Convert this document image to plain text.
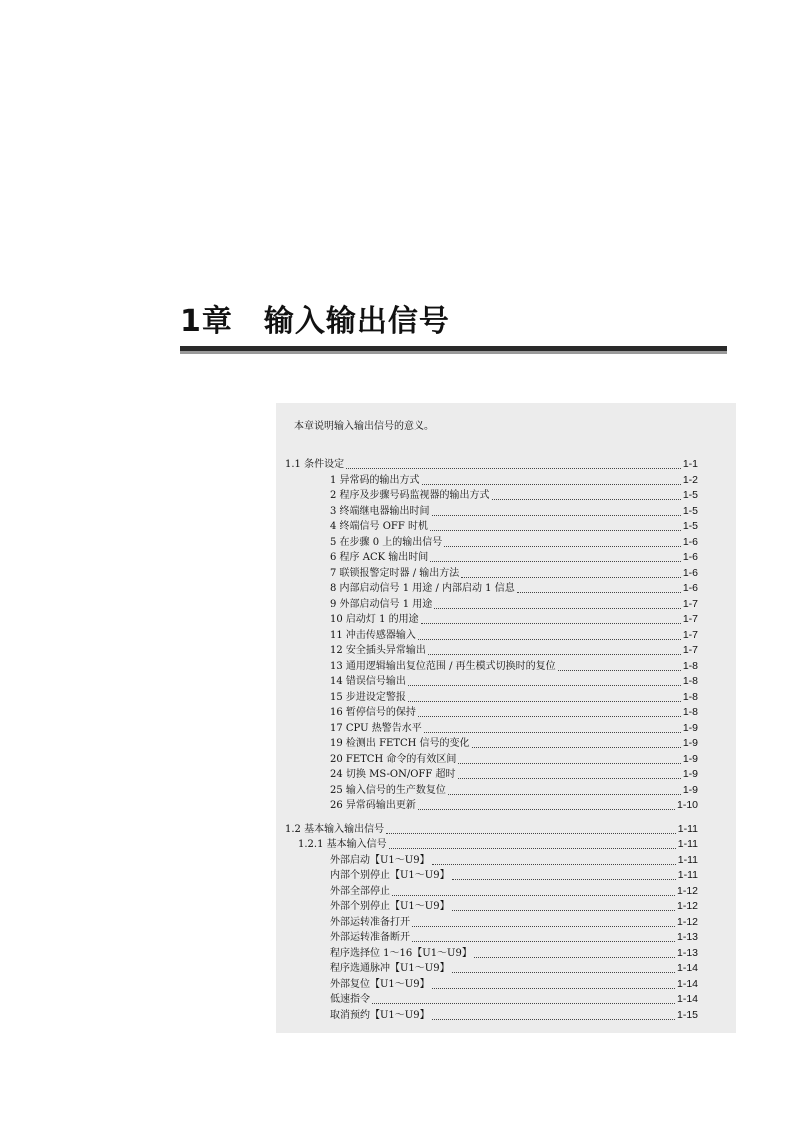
1章　输入输出信号
本章说明输入输出信号的意义。
1.1 条件设定	1-1
1 异常码的输出方式	1-2
2 程序及步骤号码监视器的输出方式	1-5
3 终端继电器输出时间	1-5
4 终端信号 OFF 时机	1-5
5 在步骤 0 上的输出信号	1-6
6 程序 ACK 输出时间	1-6
7 联锁报警定时器 / 输出方法	1-6
8 内部启动信号 1 用途 / 内部启动 1 信息	1-6
9 外部启动信号 1 用途	1-7
10 启动灯 1 的用途	1-7
11 冲击传感器输入	1-7
12 安全插头异常输出	1-7
13 通用逻辑输出复位范围 / 再生模式切换时的复位	1-8
14 错误信号输出	1-8
15 步进设定警报	1-8
16 暂停信号的保持	1-8
17 CPU 热警告水平	1-9
19 检测出 FETCH 信号的变化	1-9
20 FETCH 命令的有效区间	1-9
24 切换 MS-ON/OFF 超时	1-9
25 输入信号的生产数复位	1-9
26 异常码输出更新	1-10
1.2 基本输入输出信号	1-11
1.2.1 基本输入信号	1-11
外部启动【U1～U9】	1-11
内部个别停止【U1～U9】	1-11
外部全部停止	1-12
外部个别停止【U1～U9】	1-12
外部运转准备打开	1-12
外部运转准备断开	1-13
程序选择位 1～16【U1～U9】	1-13
程序选通脉冲【U1～U9】	1-14
外部复位【U1～U9】	1-14
低速指令	1-14
取消预约【U1～U9】	1-15
